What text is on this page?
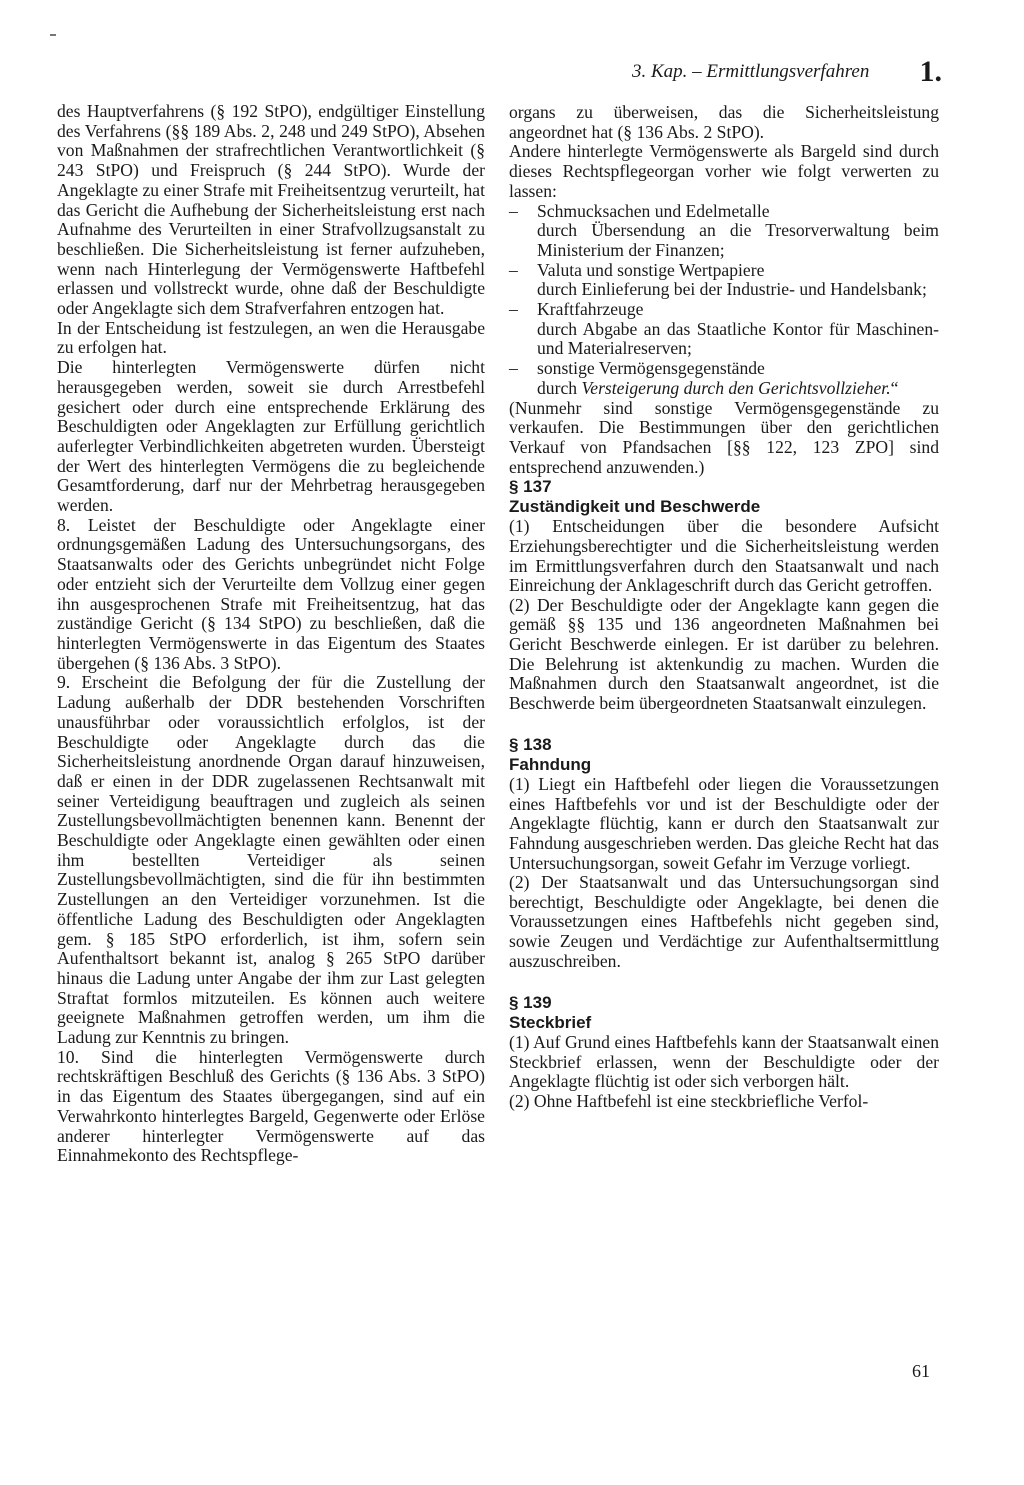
3. Kap. – Ermittlungsverfahren 1.

des Hauptverfahrens (§ 192 StPO), endgültiger Einstellung des Verfahrens (§§ 189 Abs. 2, 248 und 249 StPO), Absehen von Maßnahmen der strafrechtlichen Verantwortlichkeit (§ 243 StPO) und Freispruch (§ 244 StPO). Wurde der Angeklagte zu einer Strafe mit Freiheitsentzug verurteilt, hat das Gericht die Aufhebung der Sicherheitsleistung erst nach Aufnahme des Verurteilten in einer Strafvollzugsanstalt zu beschließen. Die Sicherheitsleistung ist ferner aufzuheben, wenn nach Hinterlegung der Vermögenswerte Haftbefehl erlassen und vollstreckt wurde, ohne daß der Beschuldigte oder Angeklagte sich dem Strafverfahren entzogen hat.

In der Entscheidung ist festzulegen, an wen die Herausgabe zu erfolgen hat.

Die hinterlegten Vermögenswerte dürfen nicht herausgegeben werden, soweit sie durch Arrestbefehl gesichert oder durch eine entsprechende Erklärung des Beschuldigten oder Angeklagten zur Erfüllung gerichtlich auferlegter Verbindlichkeiten abgetreten wurden. Übersteigt der Wert des hinterlegten Vermögens die zu begleichende Gesamtforderung, darf nur der Mehrbetrag herausgegeben werden.

8. Leistet der Beschuldigte oder Angeklagte einer ordnungsgemäßen Ladung des Untersuchungsorgans, des Staatsanwalts oder des Gerichts unbegründet nicht Folge oder entzieht sich der Verurteilte dem Vollzug einer gegen ihn ausgesprochenen Strafe mit Freiheitsentzug, hat das zuständige Gericht (§ 134 StPO) zu beschließen, daß die hinterlegten Vermögenswerte in das Eigentum des Staates übergehen (§ 136 Abs. 3 StPO).

9. Erscheint die Befolgung der für die Zustellung der Ladung außerhalb der DDR bestehenden Vorschriften unausführbar oder voraussichtlich erfolglos, ist der Beschuldigte oder Angeklagte durch das die Sicherheitsleistung anordnende Organ darauf hinzuweisen, daß er einen in der DDR zugelassenen Rechtsanwalt mit seiner Verteidigung beauftragen und zugleich als seinen Zustellungsbevollmächtigten benennen kann. Benennt der Beschuldigte oder Angeklagte einen gewählten oder einen ihm bestellten Verteidiger als seinen Zustellungsbevollmächtigten, sind die für ihn bestimmten Zustellungen an den Verteidiger vorzunehmen. Ist die öffentliche Ladung des Beschuldigten oder Angeklagten gem. § 185 StPO erforderlich, ist ihm, sofern sein Aufenthaltsort bekannt ist, analog § 265 StPO darüber hinaus die Ladung unter Angabe der ihm zur Last gelegten Straftat formlos mitzuteilen. Es können auch weitere geeignete Maßnahmen getroffen werden, um ihm die Ladung zur Kenntnis zu bringen.

10. Sind die hinterlegten Vermögenswerte durch rechtskräftigen Beschluß des Gerichts (§ 136 Abs. 3 StPO) in das Eigentum des Staates übergegangen, sind auf ein Verwahrkonto hinterlegtes Bargeld, Gegenwerte oder Erlöse anderer hinterlegter Vermögenswerte auf das Einnahmekonto des Rechtspflege-

organs zu überweisen, das die Sicherheitsleistung angeordnet hat (§ 136 Abs. 2 StPO).

Andere hinterlegte Vermögenswerte als Bargeld sind durch dieses Rechtspflegeorgan vorher wie folgt verwerten zu lassen:

– Schmucksachen und Edelmetalle

durch Übersendung an die Tresorverwaltung beim Ministerium der Finanzen;

– Valuta und sonstige Wertpapiere

durch Einlieferung bei der Industrie- und Handelsbank;

– Kraftfahrzeuge

durch Abgabe an das Staatliche Kontor für Maschinen- und Materialreserven;

– sonstige Vermögensgegenstände

durch Versteigerung durch den Gerichtsvollzieher.“

(Nunmehr sind sonstige Vermögensgegenstände zu verkaufen. Die Bestimmungen über den gerichtlichen Verkauf von Pfandsachen [§§ 122, 123 ZPO] sind entsprechend anzuwenden.)

§ 137

Zuständigkeit und Beschwerde

(1) Entscheidungen über die besondere Aufsicht Erziehungsberechtigter und die Sicherheitsleistung werden im Ermittlungsverfahren durch den Staatsanwalt und nach Einreichung der Anklageschrift durch das Gericht getroffen.

(2) Der Beschuldigte oder der Angeklagte kann gegen die gemäß §§ 135 und 136 angeordneten Maßnahmen bei Gericht Beschwerde einlegen. Er ist darüber zu belehren. Die Belehrung ist aktenkundig zu machen. Wurden die Maßnahmen durch den Staatsanwalt angeordnet, ist die Beschwerde beim übergeordneten Staatsanwalt einzulegen.

§ 138

Fahndung

(1) Liegt ein Haftbefehl oder liegen die Voraussetzungen eines Haftbefehls vor und ist der Beschuldigte oder der Angeklagte flüchtig, kann er durch den Staatsanwalt zur Fahndung ausgeschrieben werden. Das gleiche Recht hat das Untersuchungsorgan, soweit Gefahr im Verzuge vorliegt.

(2) Der Staatsanwalt und das Untersuchungsorgan sind berechtigt, Beschuldigte oder Angeklagte, bei denen die Voraussetzungen eines Haftbefehls nicht gegeben sind, sowie Zeugen und Verdächtige zur Aufenthaltsermittlung auszuschreiben.

§ 139

Steckbrief

(1) Auf Grund eines Haftbefehls kann der Staatsanwalt einen Steckbrief erlassen, wenn der Beschuldigte oder der Angeklagte flüchtig ist oder sich verborgen hält.

(2) Ohne Haftbefehl ist eine steckbriefliche Verfol-

61
